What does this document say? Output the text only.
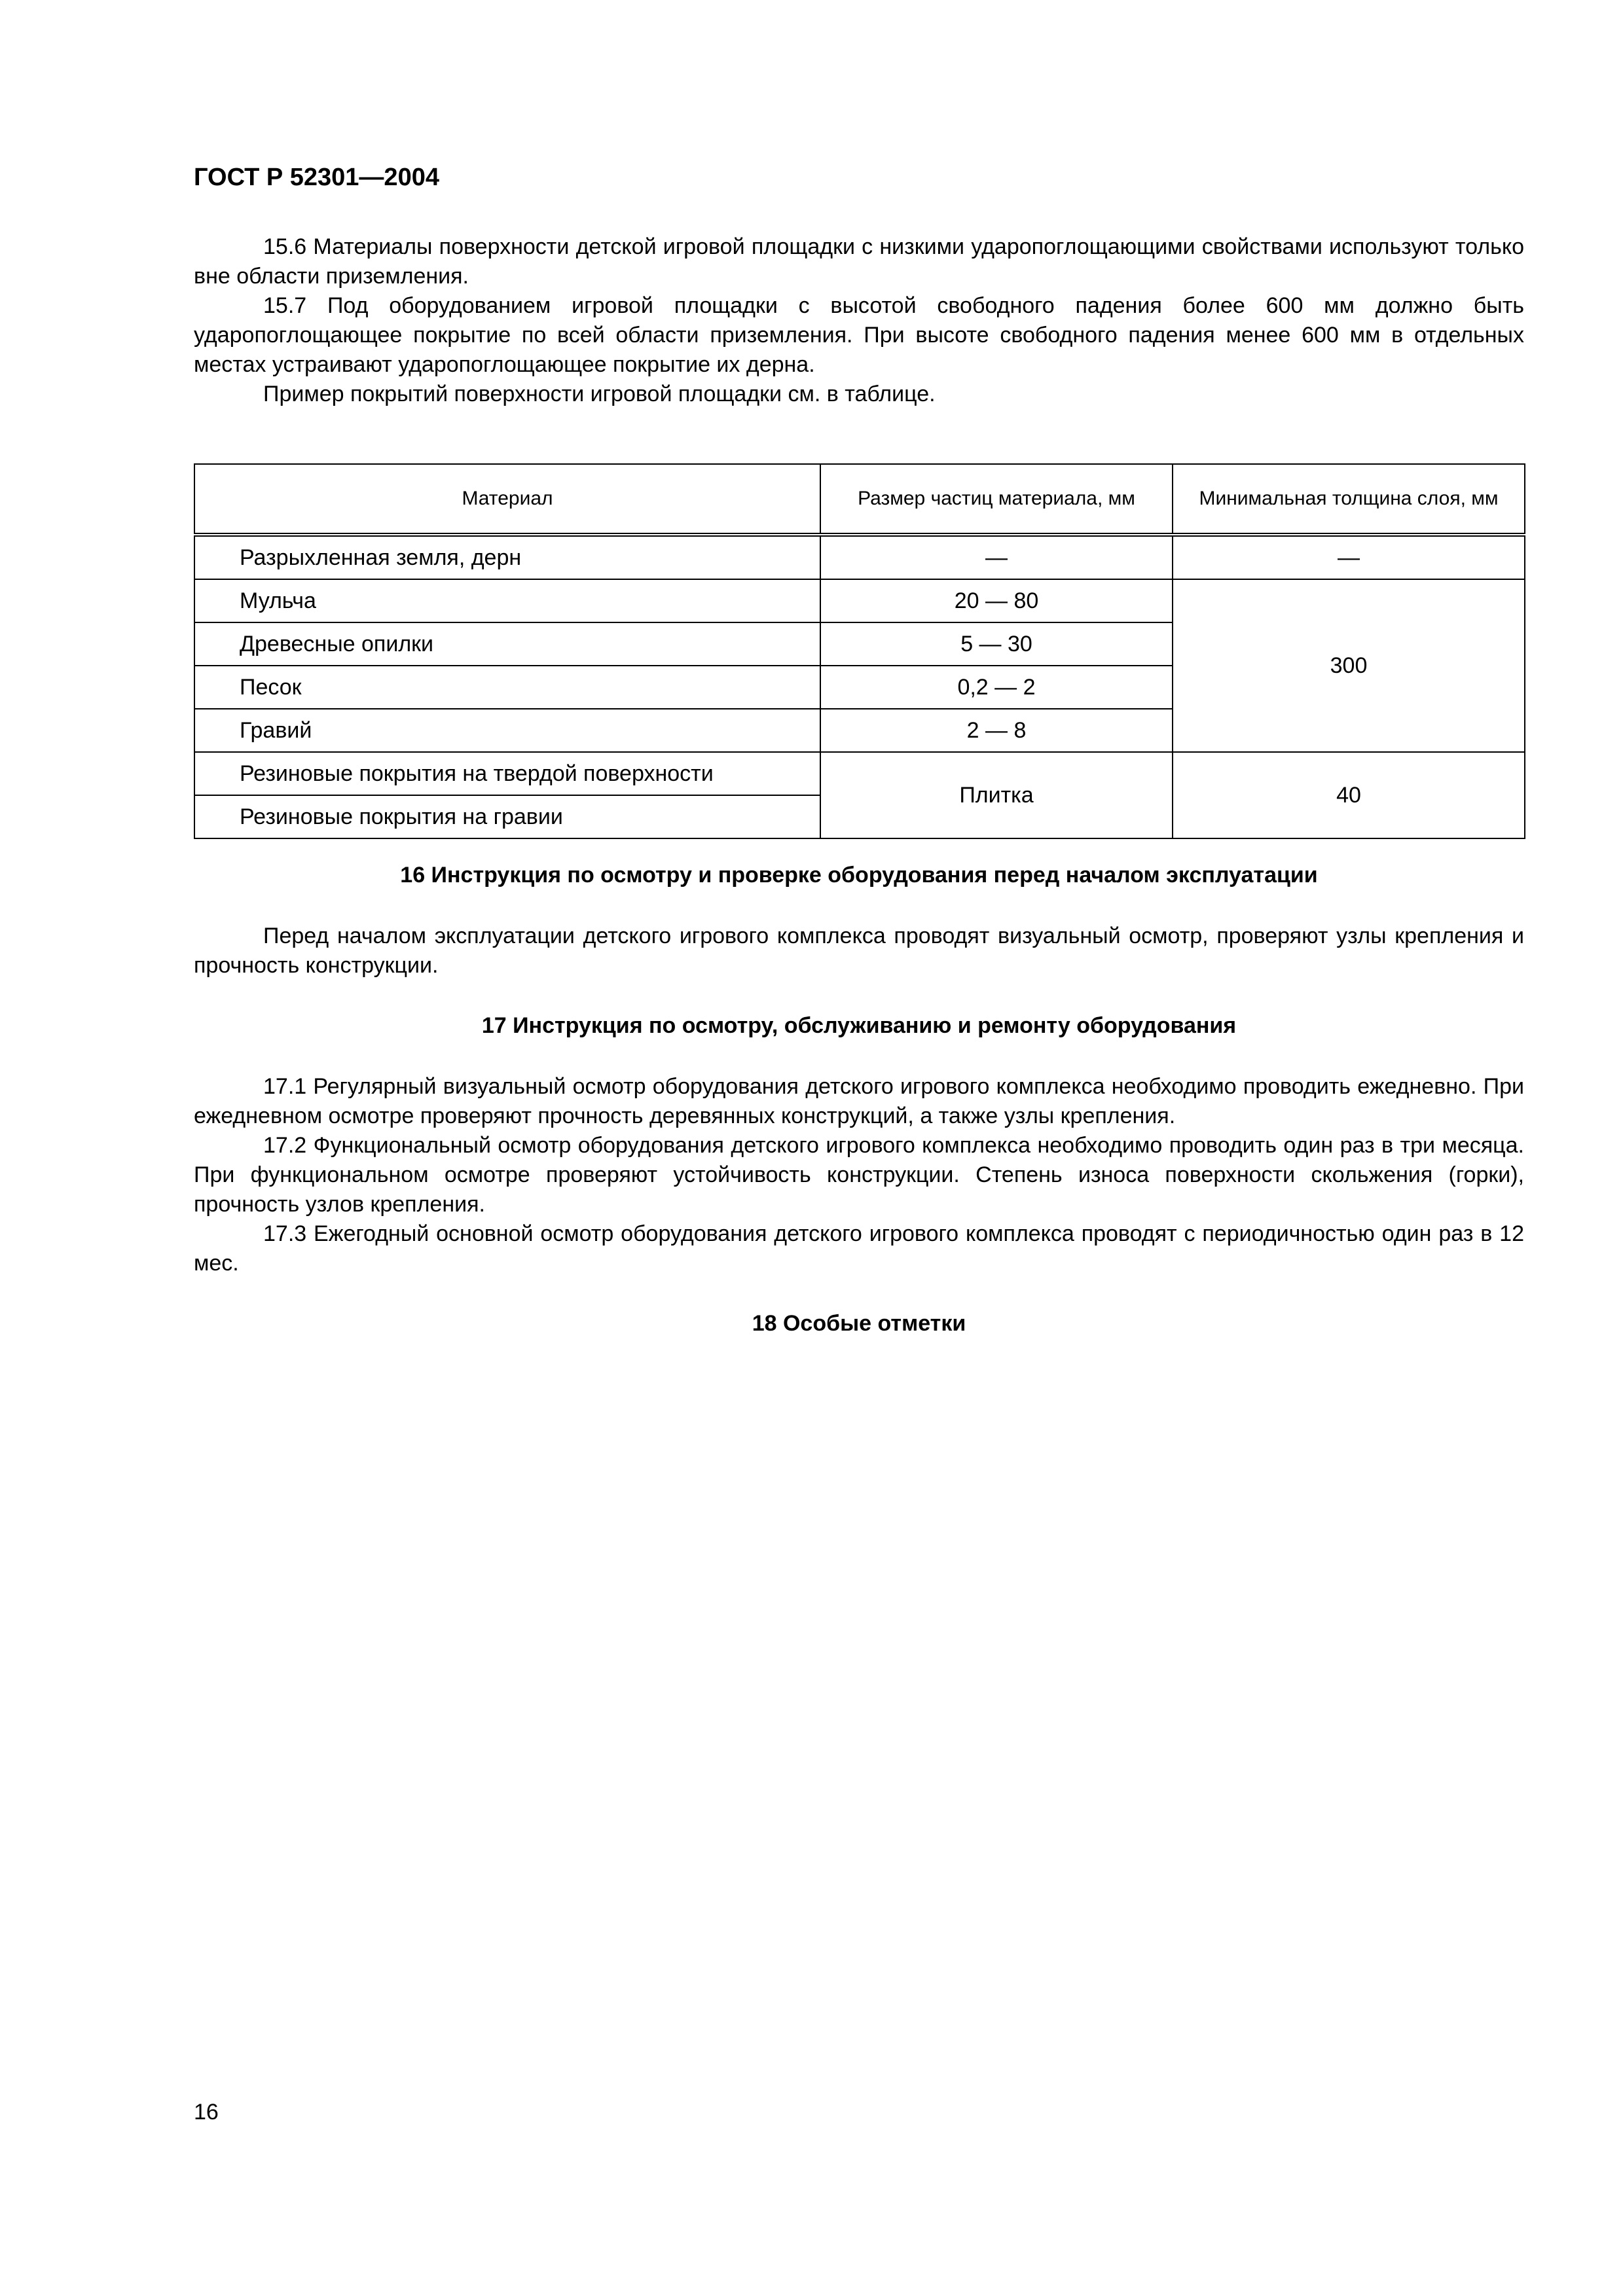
ГОСТ Р 52301—2004

15.6 Материалы поверхности детской игровой площадки с низкими ударопоглощающими свойствами используют только вне области приземления.

15.7 Под оборудованием игровой площадки с высотой свободного падения более 600 мм должно быть ударопоглощающее покрытие по всей области приземления. При высоте свободного падения менее 600 мм в отдельных местах устраивают ударопоглощающее покрытие их дерна.

Пример покрытий поверхности игровой площадки см. в таблице.

Материал	Размер частиц материала, мм	Минимальная толщина слоя, мм
Разрыхленная земля, дерн	—	—
Мульча	20 — 80	300
Древесные опилки	5 — 30	
Песок	0,2 — 2	
Гравий	2 — 8	
Резиновые покрытия на твердой поверхности	Плитка	40
Резиновые покрытия на гравии		
16 Инструкция по осмотру и проверке оборудования перед началом эксплуатации

Перед началом эксплуатации детского игрового комплекса проводят визуальный осмотр, проверяют узлы крепления и прочность конструкции.

17 Инструкция по осмотру, обслуживанию и ремонту оборудования

17.1 Регулярный визуальный осмотр оборудования детского игрового комплекса необходимо проводить ежедневно. При ежедневном осмотре проверяют прочность деревянных конструкций, а также узлы крепления.

17.2 Функциональный осмотр оборудования детского игрового комплекса необходимо проводить один раз в три месяца. При функциональном осмотре проверяют устойчивость конструкции. Степень износа поверхности скольжения (горки), прочность узлов крепления.

17.3 Ежегодный основной осмотр оборудования детского игрового комплекса проводят с периодичностью один раз в 12 мес.

18 Особые отметки
16
